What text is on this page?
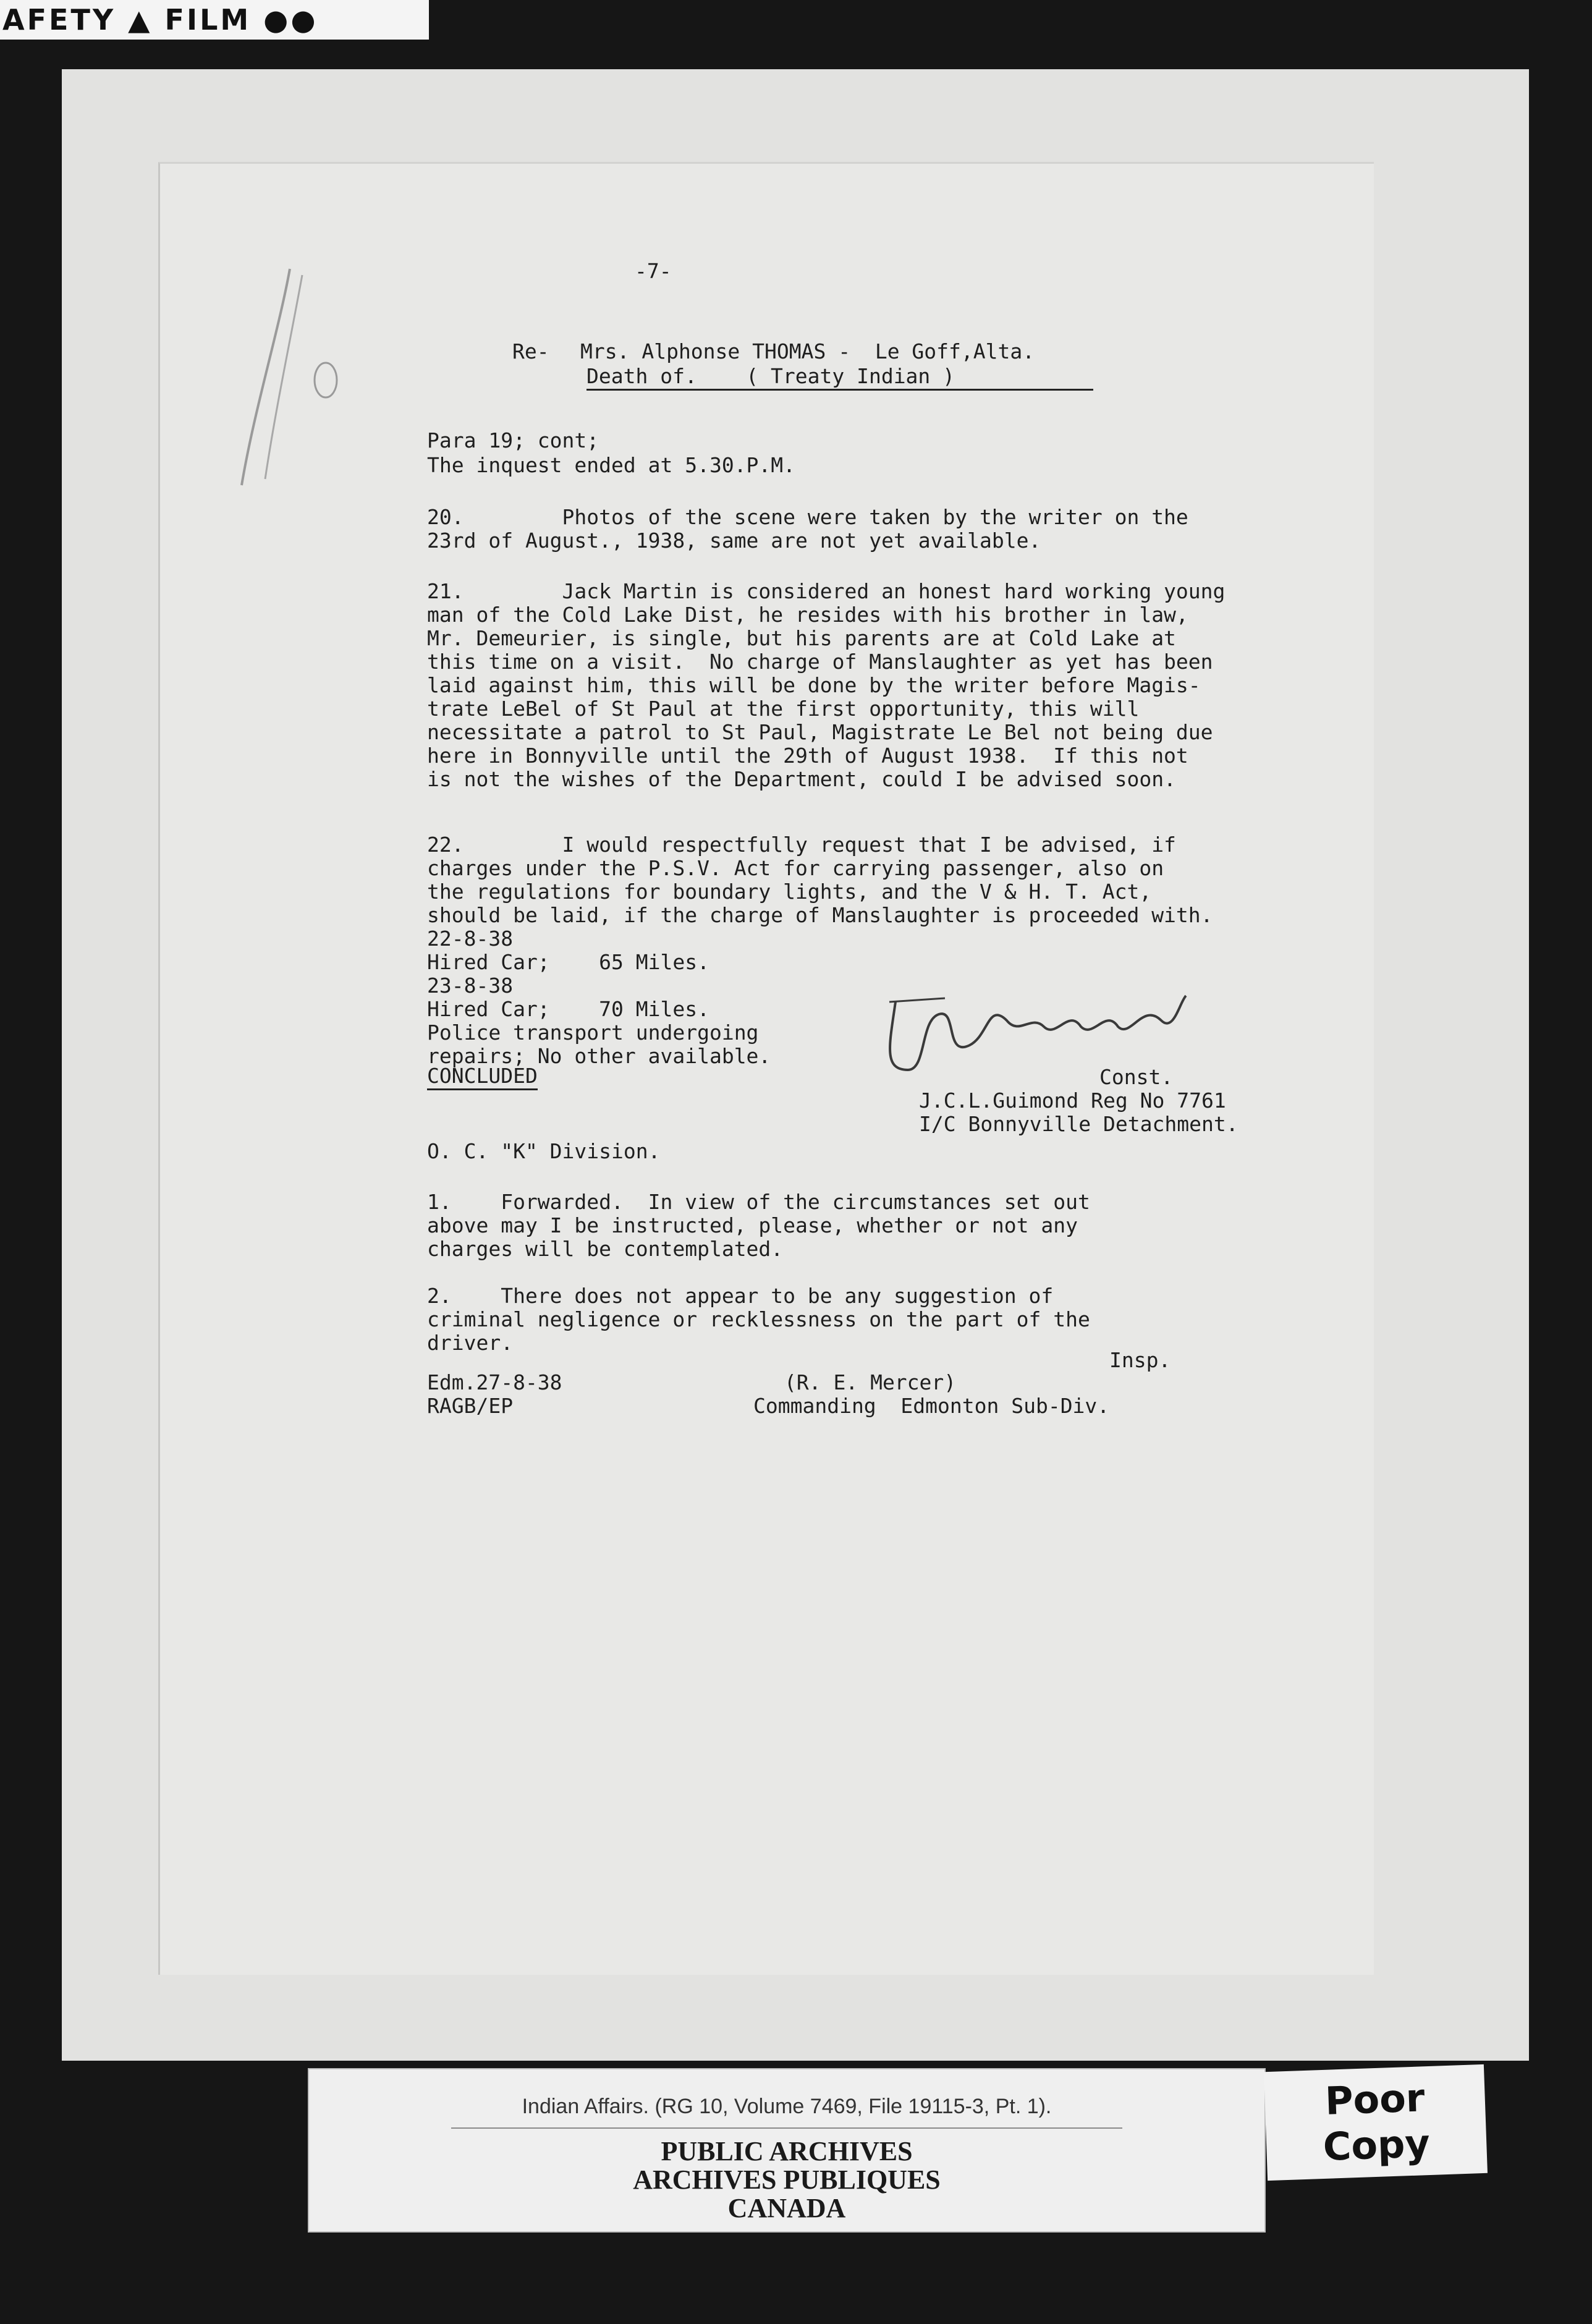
AFETY ▲ FILM ●●
-7-
Re- Mrs. Alphonse THOMAS -  Le Goff,Alta.
Death of.    ( Treaty Indian )
Para 19; cont;
The inquest ended at 5.30.P.M.
20.        Photos of the scene were taken by the writer on the
23rd of August., 1938, same are not yet available.
21.        Jack Martin is considered an honest hard working young
man of the Cold Lake Dist, he resides with his brother in law,
Mr. Demeurier, is single, but his parents are at Cold Lake at
this time on a visit.  No charge of Manslaughter as yet has been
laid against him, this will be done by the writer before Magis-
trate LeBel of St Paul at the first opportunity, this will
necessitate a patrol to St Paul, Magistrate Le Bel not being due
here in Bonnyville until the 29th of August 1938.  If this not
is not the wishes of the Department, could I be advised soon.
22.        I would respectfully request that I be advised, if
charges under the P.S.V. Act for carrying passenger, also on
the regulations for boundary lights, and the V & H. T. Act,
should be laid, if the charge of Manslaughter is proceeded with.
22-8-38
Hired Car;    65 Miles.
23-8-38
Hired Car;    70 Miles.
Police transport undergoing
repairs; No other available.
CONCLUDED	Const.
J.C.L.Guimond Reg No 7761
I/C Bonnyville Detachment.
O. C. "K" Division.
1.    Forwarded.  In view of the circumstances set out
above may I be instructed, please, whether or not any
charges will be contemplated.
2.    There does not appear to be any suggestion of
criminal negligence or recklessness on the part of the
driver.
Insp.
Edm.27-8-38	(R. E. Mercer)
RAGB/EP	Commanding  Edmonton Sub-Div.
Indian Affairs. (RG 10, Volume 7469, File 19115-3, Pt. 1).
PUBLIC ARCHIVES
ARCHIVES PUBLIQUES
CANADA
Poor
Copy
